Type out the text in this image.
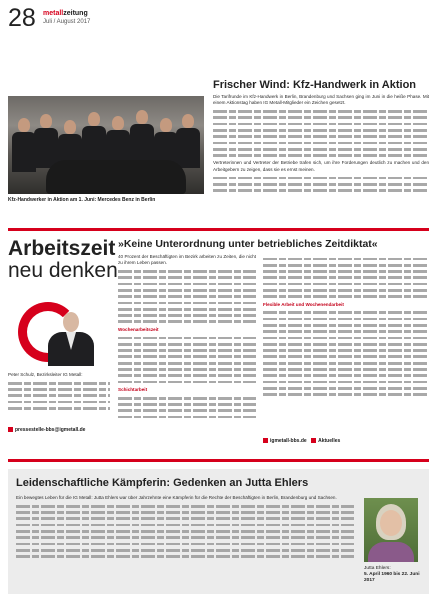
28 metallzeitung
Juli / August 2017
Kfz-Handwerker in Aktion am 1. Juni: Mercedes Benz in Berlin
Frischer Wind: Kfz-Handwerk in Aktion
Die Tarifrunde im Kfz-Handwerk in Berlin, Brandenburg und Sachsen ging im Juni in die heiße Phase. Mit einem Aktionstag haben IG Metall-Mitglieder ein Zeichen gesetzt.
Vertreterinnen und Vertreter der Betriebe trafen sich, um ihre Forderungen deutlich zu machen und den Arbeitgebern zu zeigen, dass sie es ernst meinen.
Arbeitszeit
neu denken
Peter Schulz, Bezirksleiter IG Metall:
pressestelle-bbs@igmetall.de
»Keine Unterordnung unter betriebliches Zeitdiktat«
40 Prozent der Beschäftigten im Bezirk arbeiten zu Zeiten, die nicht zu ihrem Leben passen.
Wochenarbeitszeit
Schichtarbeit
Flexible Arbeit und Wochenendarbeit
igmetall-bbs.de Aktuelles
Leidenschaftliche Kämpferin: Gedenken an Jutta Ehlers
Ein bewegtes Leben für die IG Metall: Jutta Ehlers war über Jahrzehnte eine Kämpferin für die Rechte der Beschäftigten in Berlin, Brandenburg und Sachsen.
Jutta Ehlers:
5. April 1960 bis 22. Juni 2017
